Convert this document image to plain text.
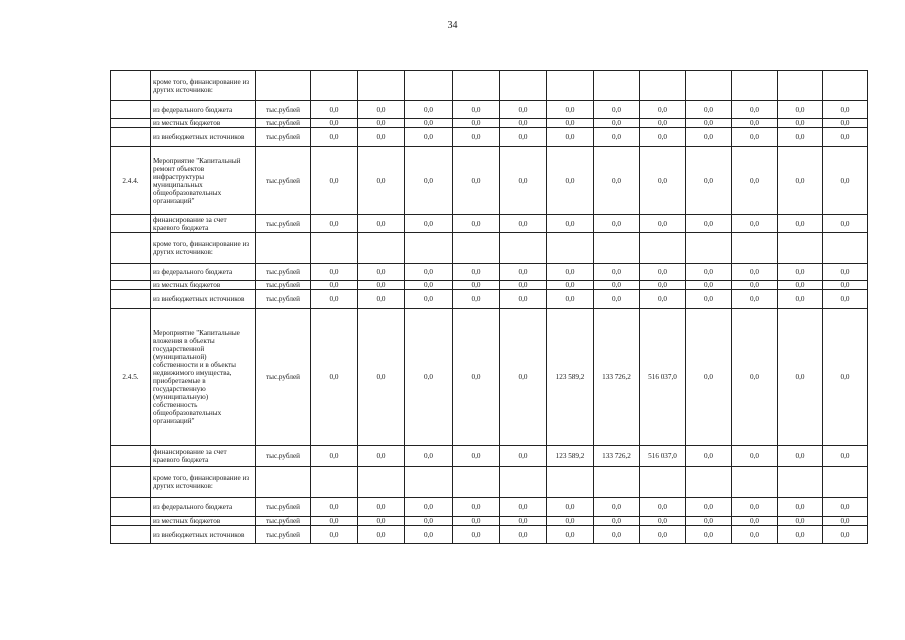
34
	кроме того, финансирование из других источников:													
	из федерального бюджета	тыс.рублей	0,0	0,0	0,0	0,0	0,0	0,0	0,0	0,0	0,0	0,0	0,0	0,0
	из местных бюджетов	тыс.рублей	0,0	0,0	0,0	0,0	0,0	0,0	0,0	0,0	0,0	0,0	0,0	0,0
	из внебюджетных источников	тыс.рублей	0,0	0,0	0,0	0,0	0,0	0,0	0,0	0,0	0,0	0,0	0,0	0,0
2.4.4.	Мероприятие "Капитальный ремонт объектов инфраструктуры муниципальных общеобразовательных организаций"	тыс.рублей	0,0	0,0	0,0	0,0	0,0	0,0	0,0	0,0	0,0	0,0	0,0	0,0
	финансирование за счет краевого бюджета	тыс.рублей	0,0	0,0	0,0	0,0	0,0	0,0	0,0	0,0	0,0	0,0	0,0	0,0
	кроме того, финансирование из других источников:													
	из федерального бюджета	тыс.рублей	0,0	0,0	0,0	0,0	0,0	0,0	0,0	0,0	0,0	0,0	0,0	0,0
	из местных бюджетов	тыс.рублей	0,0	0,0	0,0	0,0	0,0	0,0	0,0	0,0	0,0	0,0	0,0	0,0
	из внебюджетных источников	тыс.рублей	0,0	0,0	0,0	0,0	0,0	0,0	0,0	0,0	0,0	0,0	0,0	0,0
2.4.5.	Мероприятие "Капитальные вложения в объекты государственной (муниципальной) собственности и в объекты недвижимого имущества, приобретаемые в государственную (муниципальную) собственность общеобразовательных организаций"	тыс.рублей	0,0	0,0	0,0	0,0	0,0	123 589,2	133 726,2	516 037,0	0,0	0,0	0,0	0,0
	финансирование за счет краевого бюджета	тыс.рублей	0,0	0,0	0,0	0,0	0,0	123 589,2	133 726,2	516 037,0	0,0	0,0	0,0	0,0
	кроме того, финансирование из других источников:													
	из федерального бюджета	тыс.рублей	0,0	0,0	0,0	0,0	0,0	0,0	0,0	0,0	0,0	0,0	0,0	0,0
	из местных бюджетов	тыс.рублей	0,0	0,0	0,0	0,0	0,0	0,0	0,0	0,0	0,0	0,0	0,0	0,0
	из внебюджетных источников	тыс.рублей	0,0	0,0	0,0	0,0	0,0	0,0	0,0	0,0	0,0	0,0	0,0	0,0
